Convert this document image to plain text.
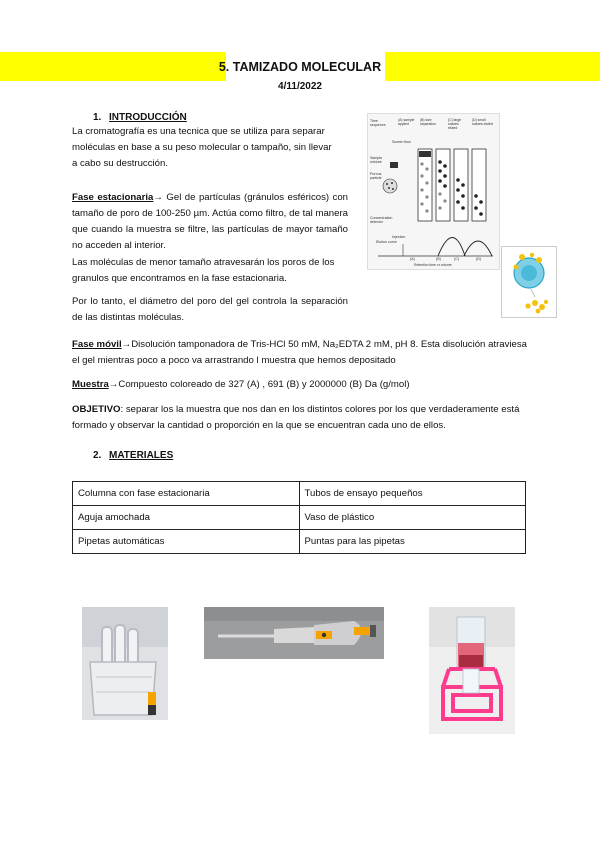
5. TAMIZADO MOLECULAR
4/11/2022
1. INTRODUCCIÓN
La cromatografía es una tecnica que se utiliza para separar
moléculas en base a su peso molecular o tampaño, sin llevar
a cabo su destrucción.
Fase estacionaria→ Gel de partículas (gránulos esféricos) con tamaño de poro de 100-250 µm. Actúa como filtro, de tal manera que cuando la muestra se filtre, las partículas de mayor tamaño no acceden al interior.
Las moléculas de menor tamaño atravesarán los poros de los
granulos que encontramos en la fase estacionaria.
Por lo tanto, el diámetro del poro del gel controla la separación de las distintas moléculas.
Time sequence
(A) sample applied
(B) size separation
(C) large solutes eluted
(D) small solutes eluted
Screen flow
Sample mixture
Porous particle
Concentration detector
Elution curve
Injection
(A)	(B)	(C)	(D)
Retention time or volume
Fase móvil→Disolución tamponadora de Tris-HCl 50 mM, Na₂EDTA 2 mM, pH 8. Esta disolución atraviesa el gel mientras poco a poco va arrastrando l muestra que hemos depositado
Muestra→Compuesto coloreado de 327 (A) , 691 (B) y 2000000 (B) Da (g/mol)
OBJETIVO: separar los la muestra que nos dan en los distintos colores por los que verdaderamente está formado y observar la cantidad o proporción en la que se encuentran cada uno de ellos.
2. MATERIALES
Columna con fase estacionaria	Tubos de ensayo pequeños
Aguja amochada	Vaso de plástico
Pipetas automáticas	Puntas para las pipetas
